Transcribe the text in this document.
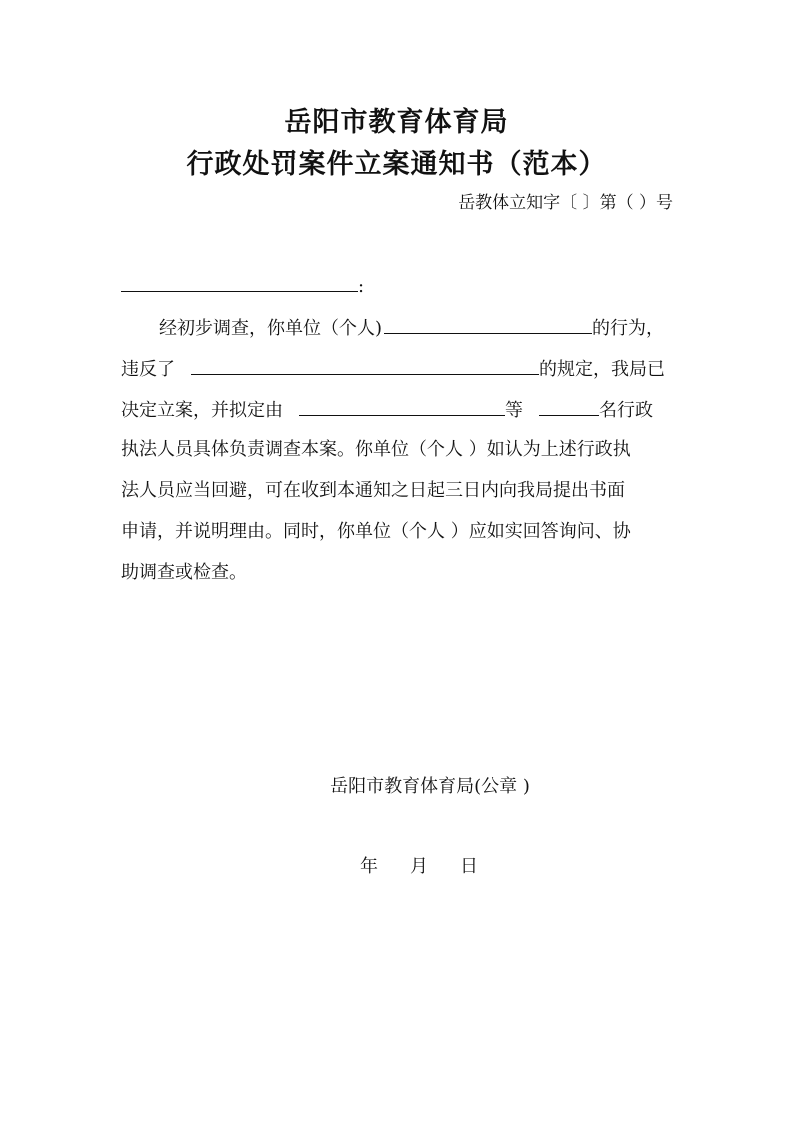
岳阳市教育体育局
行政处罚案件立案通知书（范本）
岳教体立知字〔 〕第（ ）号
:
经初步调查，你单位（个人)	的行为，
违反了	的规定，我局已
决定立案，并拟定由	等	名行政
执法人员具体负责调查本案。你单位（个人 ）如认为上述行政执
法人员应当回避，可在收到本通知之日起三日内向我局提出书面
申请，并说明理由。同时，你单位（个人 ）应如实回答询问、协
助调查或检查。
岳阳市教育体育局(公章 )
年 月 日
